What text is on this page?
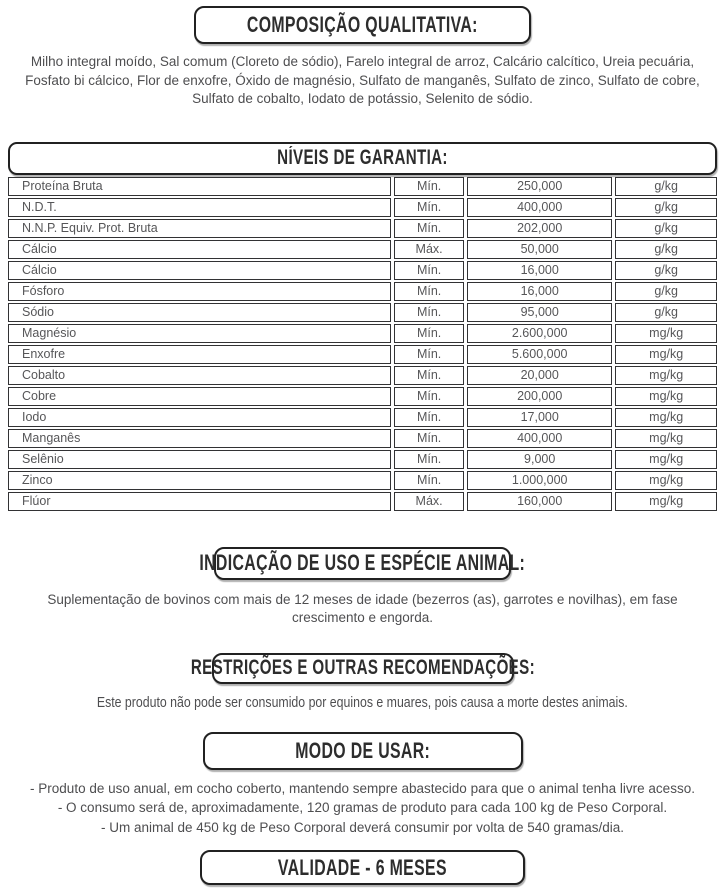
COMPOSIÇÃO QUALITATIVA:

Milho integral moído, Sal comum (Cloreto de sódio), Farelo integral de arroz, Calcário calcítico, Ureia pecuária, Fosfato bi cálcico, Flor de enxofre, Óxido de magnésio, Sulfato de manganês, Sulfato de zinco, Sulfato de cobre, Sulfato de cobalto, Iodato de potássio, Selenito de sódio.

NÍVEIS DE GARANTIA:
Proteína Bruta	Mín.	250,000	g/kg
N.D.T.	Mín.	400,000	g/kg
N.N.P. Equiv. Prot. Bruta	Mín.	202,000	g/kg
Cálcio	Máx.	50,000	g/kg
Cálcio	Mín.	16,000	g/kg
Fósforo	Mín.	16,000	g/kg
Sódio	Mín.	95,000	g/kg
Magnésio	Mín.	2.600,000	mg/kg
Enxofre	Mín.	5.600,000	mg/kg
Cobalto	Mín.	20,000	mg/kg
Cobre	Mín.	200,000	mg/kg
Iodo	Mín.	17,000	mg/kg
Manganês	Mín.	400,000	mg/kg
Selênio	Mín.	9,000	mg/kg
Zinco	Mín.	1.000,000	mg/kg
Flúor	Máx.	160,000	mg/kg
INDICAÇÃO DE USO E ESPÉCIE ANIMAL:

Suplementação de bovinos com mais de 12 meses de idade (bezerros (as), garrotes e novilhas), em fase crescimento e engorda.

RESTRIÇÕES E OUTRAS RECOMENDAÇÕES:

Este produto não pode ser consumido por equinos e muares, pois causa a morte destes animais.

MODO DE USAR:
- Produto de uso anual, em cocho coberto, mantendo sempre abastecido para que o animal tenha livre acesso.
- O consumo será de, aproximadamente, 120 gramas de produto para cada 100 kg de Peso Corporal.
- Um animal de 450 kg de Peso Corporal deverá consumir por volta de 540 gramas/dia.
VALIDADE - 6 MESES
